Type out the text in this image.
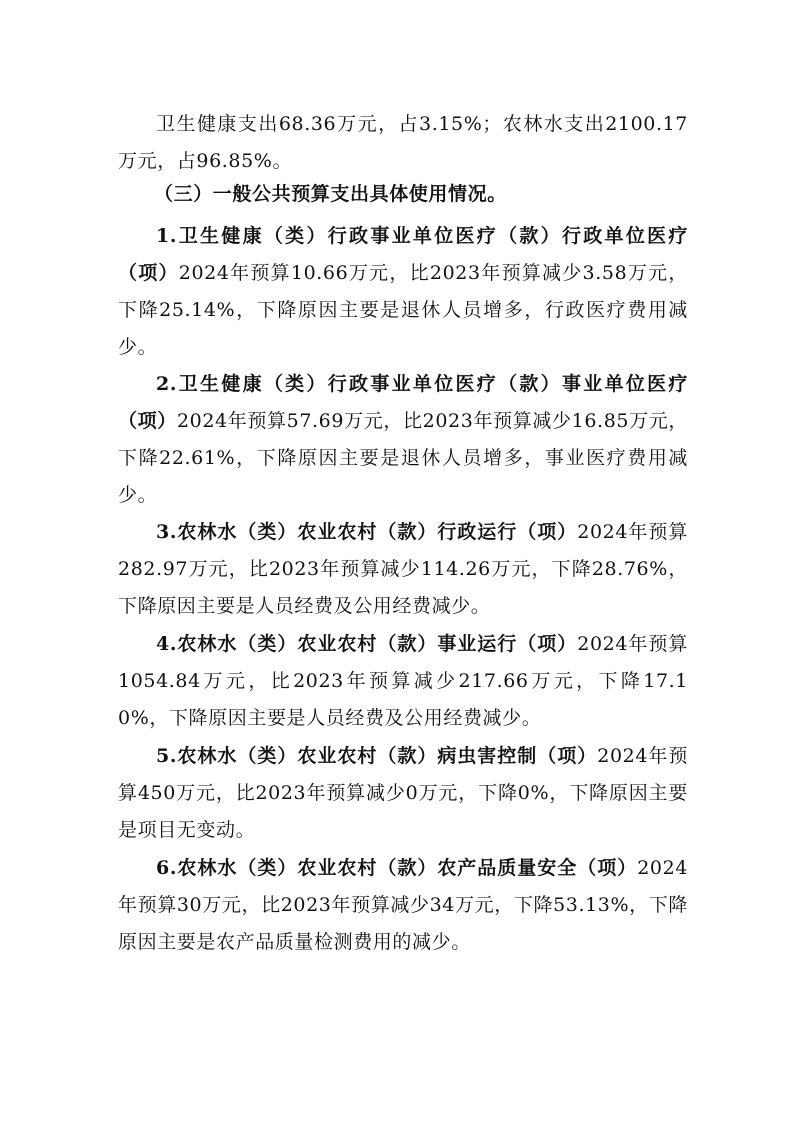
卫生健康支出68.36万元，占3.15%；农林水支出2100.17万元，占96.85%。

（三）一般公共预算支出具体使用情况。

1.卫生健康（类）行政事业单位医疗（款）行政单位医疗（项）2024年预算10.66万元，比2023年预算减少3.58万元，下降25.14%，下降原因主要是退休人员增多，行政医疗费用减少。

2.卫生健康（类）行政事业单位医疗（款）事业单位医疗（项）2024年预算57.69万元，比2023年预算减少16.85万元，下降22.61%，下降原因主要是退休人员增多，事业医疗费用减少。

3.农林水（类）农业农村（款）行政运行（项）2024年预算282.97万元，比2023年预算减少114.26万元，下降28.76%，下降原因主要是人员经费及公用经费减少。

4.农林水（类）农业农村（款）事业运行（项）2024年预算1054.84万元，比2023年预算减少217.66万元，下降17.10%，下降原因主要是人员经费及公用经费减少。

5.农林水（类）农业农村（款）病虫害控制（项）2024年预算450万元，比2023年预算减少0万元，下降0%，下降原因主要是项目无变动。

6.农林水（类）农业农村（款）农产品质量安全（项）2024年预算30万元，比2023年预算减少34万元，下降53.13%，下降原因主要是农产品质量检测费用的减少。
